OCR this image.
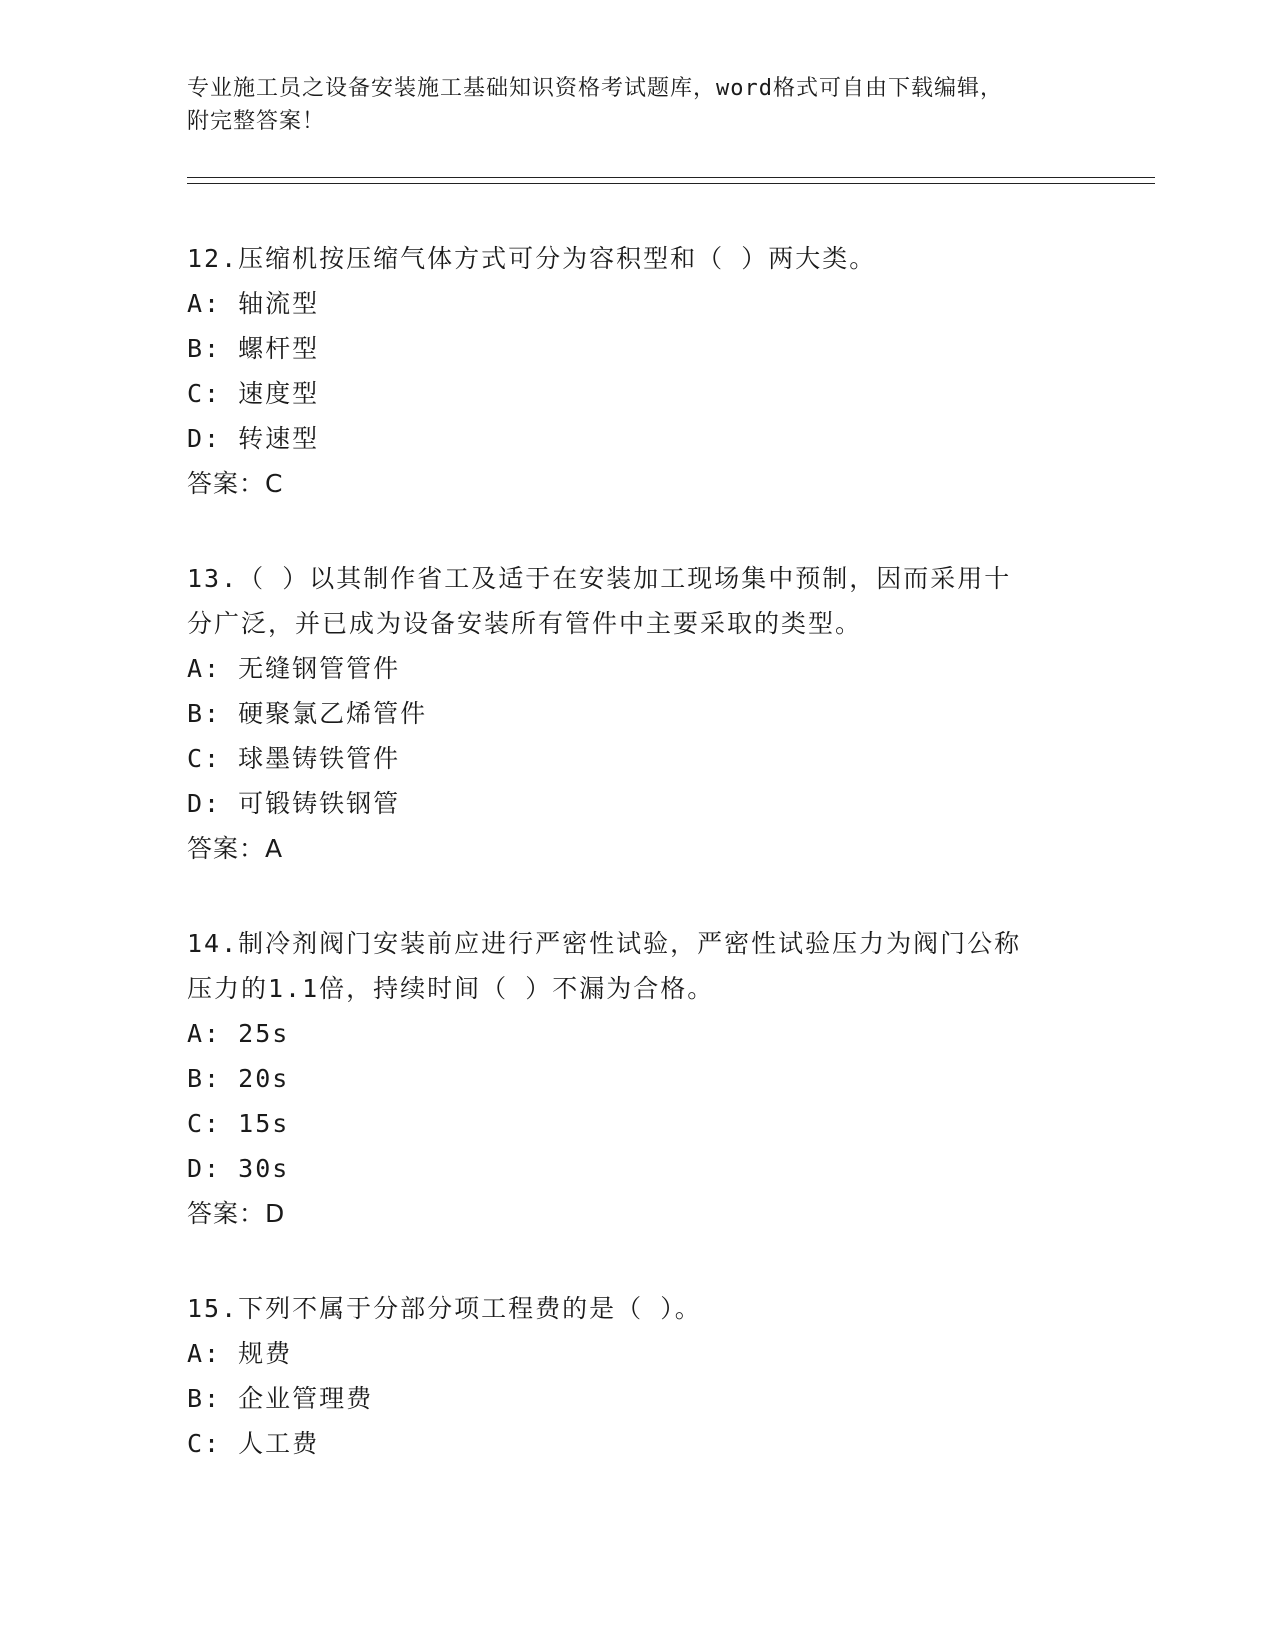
专业施工员之设备安装施工基础知识资格考试题库，word格式可自由下载编辑，
附完整答案！

12.压缩机按压缩气体方式可分为容积型和（ ）两大类。

A: 轴流型

B: 螺杆型

C: 速度型

D: 转速型

答案：C

13.（ ）以其制作省工及适于在安装加工现场集中预制，因而采用十

分广泛，并已成为设备安装所有管件中主要采取的类型。

A: 无缝钢管管件

B: 硬聚氯乙烯管件

C: 球墨铸铁管件

D: 可锻铸铁钢管

答案：A

14.制冷剂阀门安装前应进行严密性试验，严密性试验压力为阀门公称

压力的1.1倍，持续时间（ ）不漏为合格。

A: 25s

B: 20s

C: 15s

D: 30s

答案：D

15.下列不属于分部分项工程费的是（ ）。

A: 规费

B: 企业管理费

C: 人工费
